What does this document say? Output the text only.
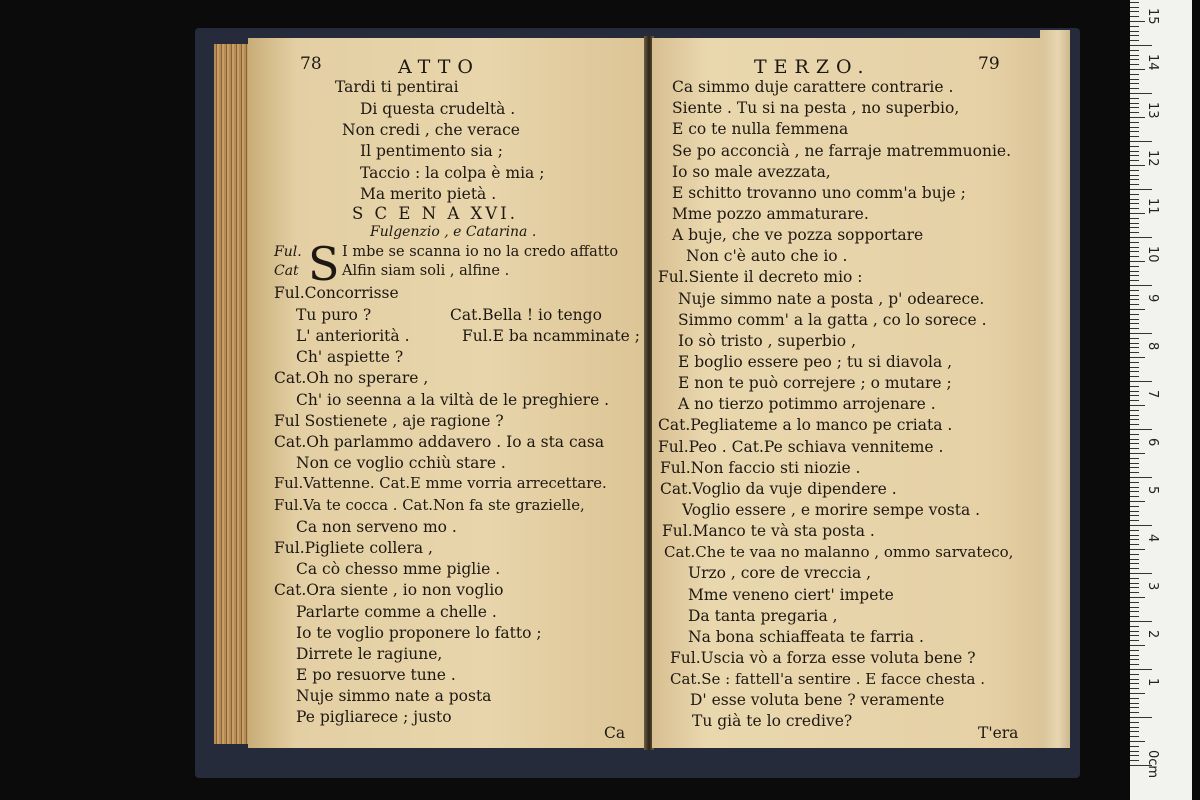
78	ATTO
S
Tardi ti pentirai
Di questa crudeltà .
Non credi , che verace
Il pentimento sia ;
Taccio : la colpa è mia ;
Ma merito pietà .
S C E N A XVI.
Fulgenzio , e Catarina .
Ful.	I mbe se scanna io no la credo affatto
Cat	Alfin siam soli , alfine .
Ful.Concorrisse
Tu puro ?	Cat.Bella ! io tengo
L' anteriorità .	Ful.E ba ncamminate ;
Ch' aspiette ?
Cat.Oh no sperare ,
Ch' io seenna a la viltà de le preghiere .
Ful Sostienete , aje ragione ?
Cat.Oh parlammo addavero . Io a sta casa
Non ce voglio cchiù stare .
Ful.Vattenne. Cat.E mme vorria arrecettare.
Ful.Va te cocca . Cat.Non fa ste grazielle,
Ca non serveno mo .
Ful.Pigliete collera ,
Ca cò chesso mme piglie .
Cat.Ora siente , io non voglio
Parlarte comme a chelle .
Io te voglio proponere lo fatto ;
Dirrete le ragiune,
E po resuorve tune .
Nuje simmo nate a posta
Pe pigliarece ; justo
Ca
TERZO.	79
Ca simmo duje carattere contrarie .
Siente . Tu si na pesta , no superbio,
E co te nulla femmena
Se po acconcià , ne farraje matremmuonie.
Io so male avezzata,
E schitto trovanno uno comm'a buje ;
Mme pozzo ammaturare.
A buje, che ve pozza sopportare
Non c'è auto che io .
Ful.Siente il decreto mio :
Nuje simmo nate a posta , p' odearece.
Simmo comm' a la gatta , co lo sorece .
Io sò tristo , superbio ,
E boglio essere peo ; tu si diavola ,
E non te può correjere ; o mutare ;
A no tierzo potimmo arrojenare .
Cat.Pegliateme a lo manco pe criata .
Ful.Peo . Cat.Pe schiava venniteme .
Ful.Non faccio sti niozie .
Cat.Voglio da vuje dipendere .
Voglio essere , e morire sempe vosta .
Ful.Manco te và sta posta .
Cat.Che te vaa no malanno , ommo sarvateco,
Urzo , core de vreccia ,
Mme veneno ciert' impete
Da tanta pregaria ,
Na bona schiaffeata te farria .
Ful.Uscia vò a forza esse voluta bene ?
Cat.Se : fattell'a sentire . E facce chesta .
D' esse voluta bene ? veramente
Tu già te lo credive?
T'era
0cm
1
2
3
4
5
6
7
8
9
10
11
12
13
14
15
